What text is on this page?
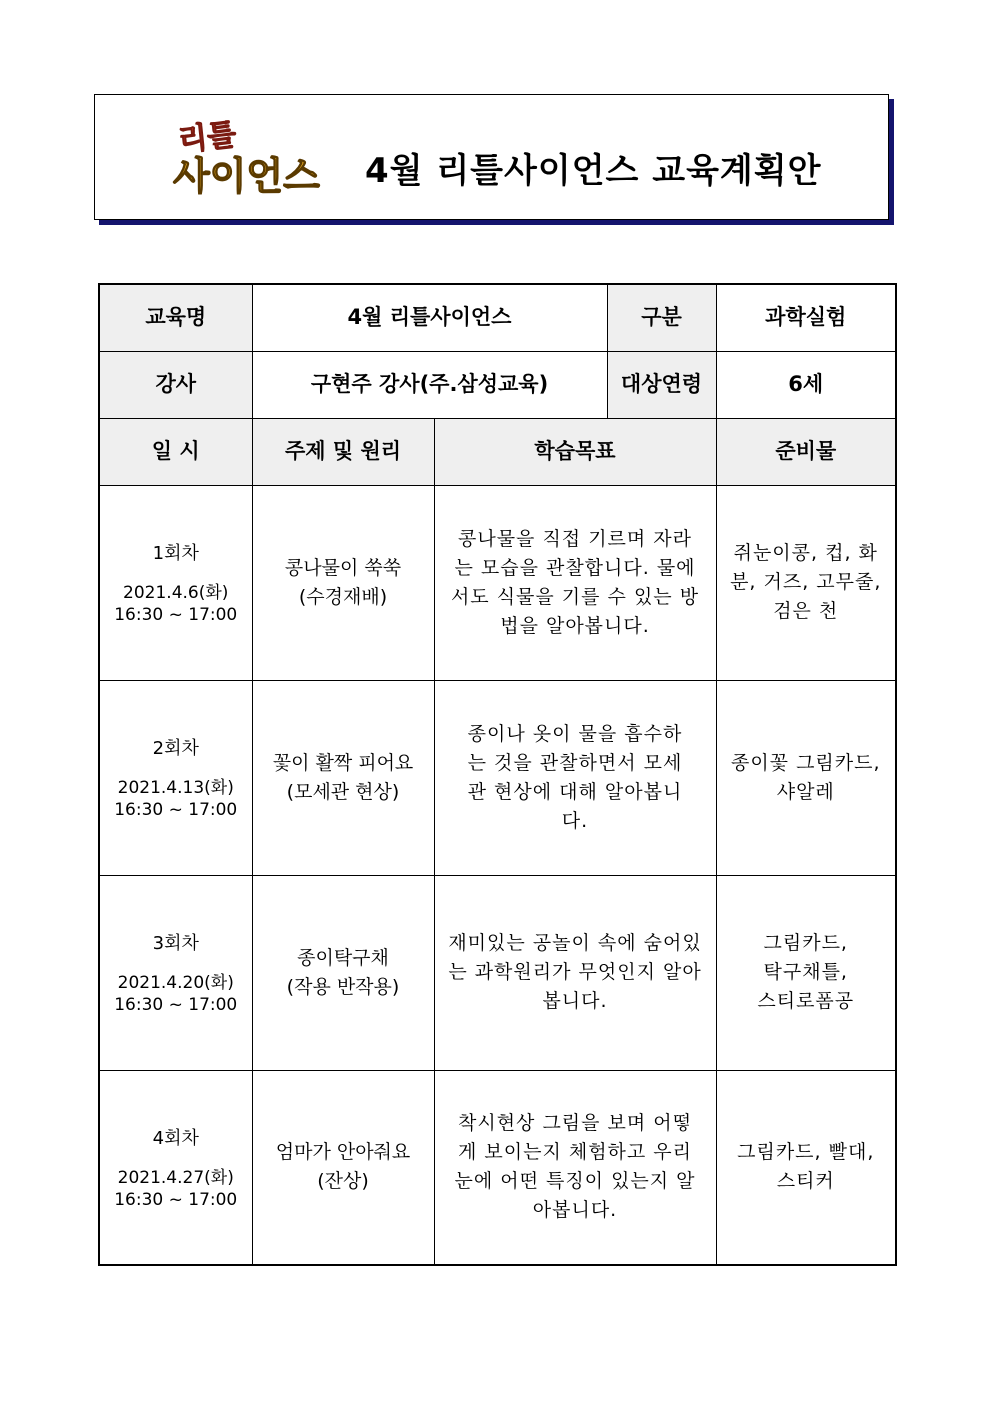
리틀
사이언스 4월 리틀사이언스 교육계획안
교육명	4월 리틀사이언스		구분	과학실험
강사	구현주 강사(주.삼성교육)		대상연령	6세
일 시	주제 및 원리	학습목표		준비물

1회차
2021.4.6(화)
16:30 ~ 17:00	콩나물이 쑥쑥
(수경재배)	콩나물을 직접 기르며 자라는 모습을 관찰합니다. 물에서도 식물을 기를 수 있는 방법을 알아봅니다.		쥐눈이콩, 컵, 화분, 거즈, 고무줄, 검은 천

2회차
2021.4.13(화)
16:30 ~ 17:00	꽃이 활짝 피어요
(모세관 현상)	종이나 옷이 물을 흡수하는 것을 관찰하면서 모세관 현상에 대해 알아봅니다.		종이꽃 그림카드, 샤알레

3회차
2021.4.20(화)
16:30 ~ 17:00	종이탁구채
(작용 반작용)	재미있는 공놀이 속에 숨어있는 과학원리가 무엇인지 알아봅니다.		그림카드, 탁구채틀, 스티로폼공

4회차
2021.4.27(화)
16:30 ~ 17:00	엄마가 안아줘요
(잔상)	착시현상 그림을 보며 어떻게 보이는지 체험하고 우리 눈에 어떤 특징이 있는지 알아봅니다.		그림카드, 빨대, 스티커
